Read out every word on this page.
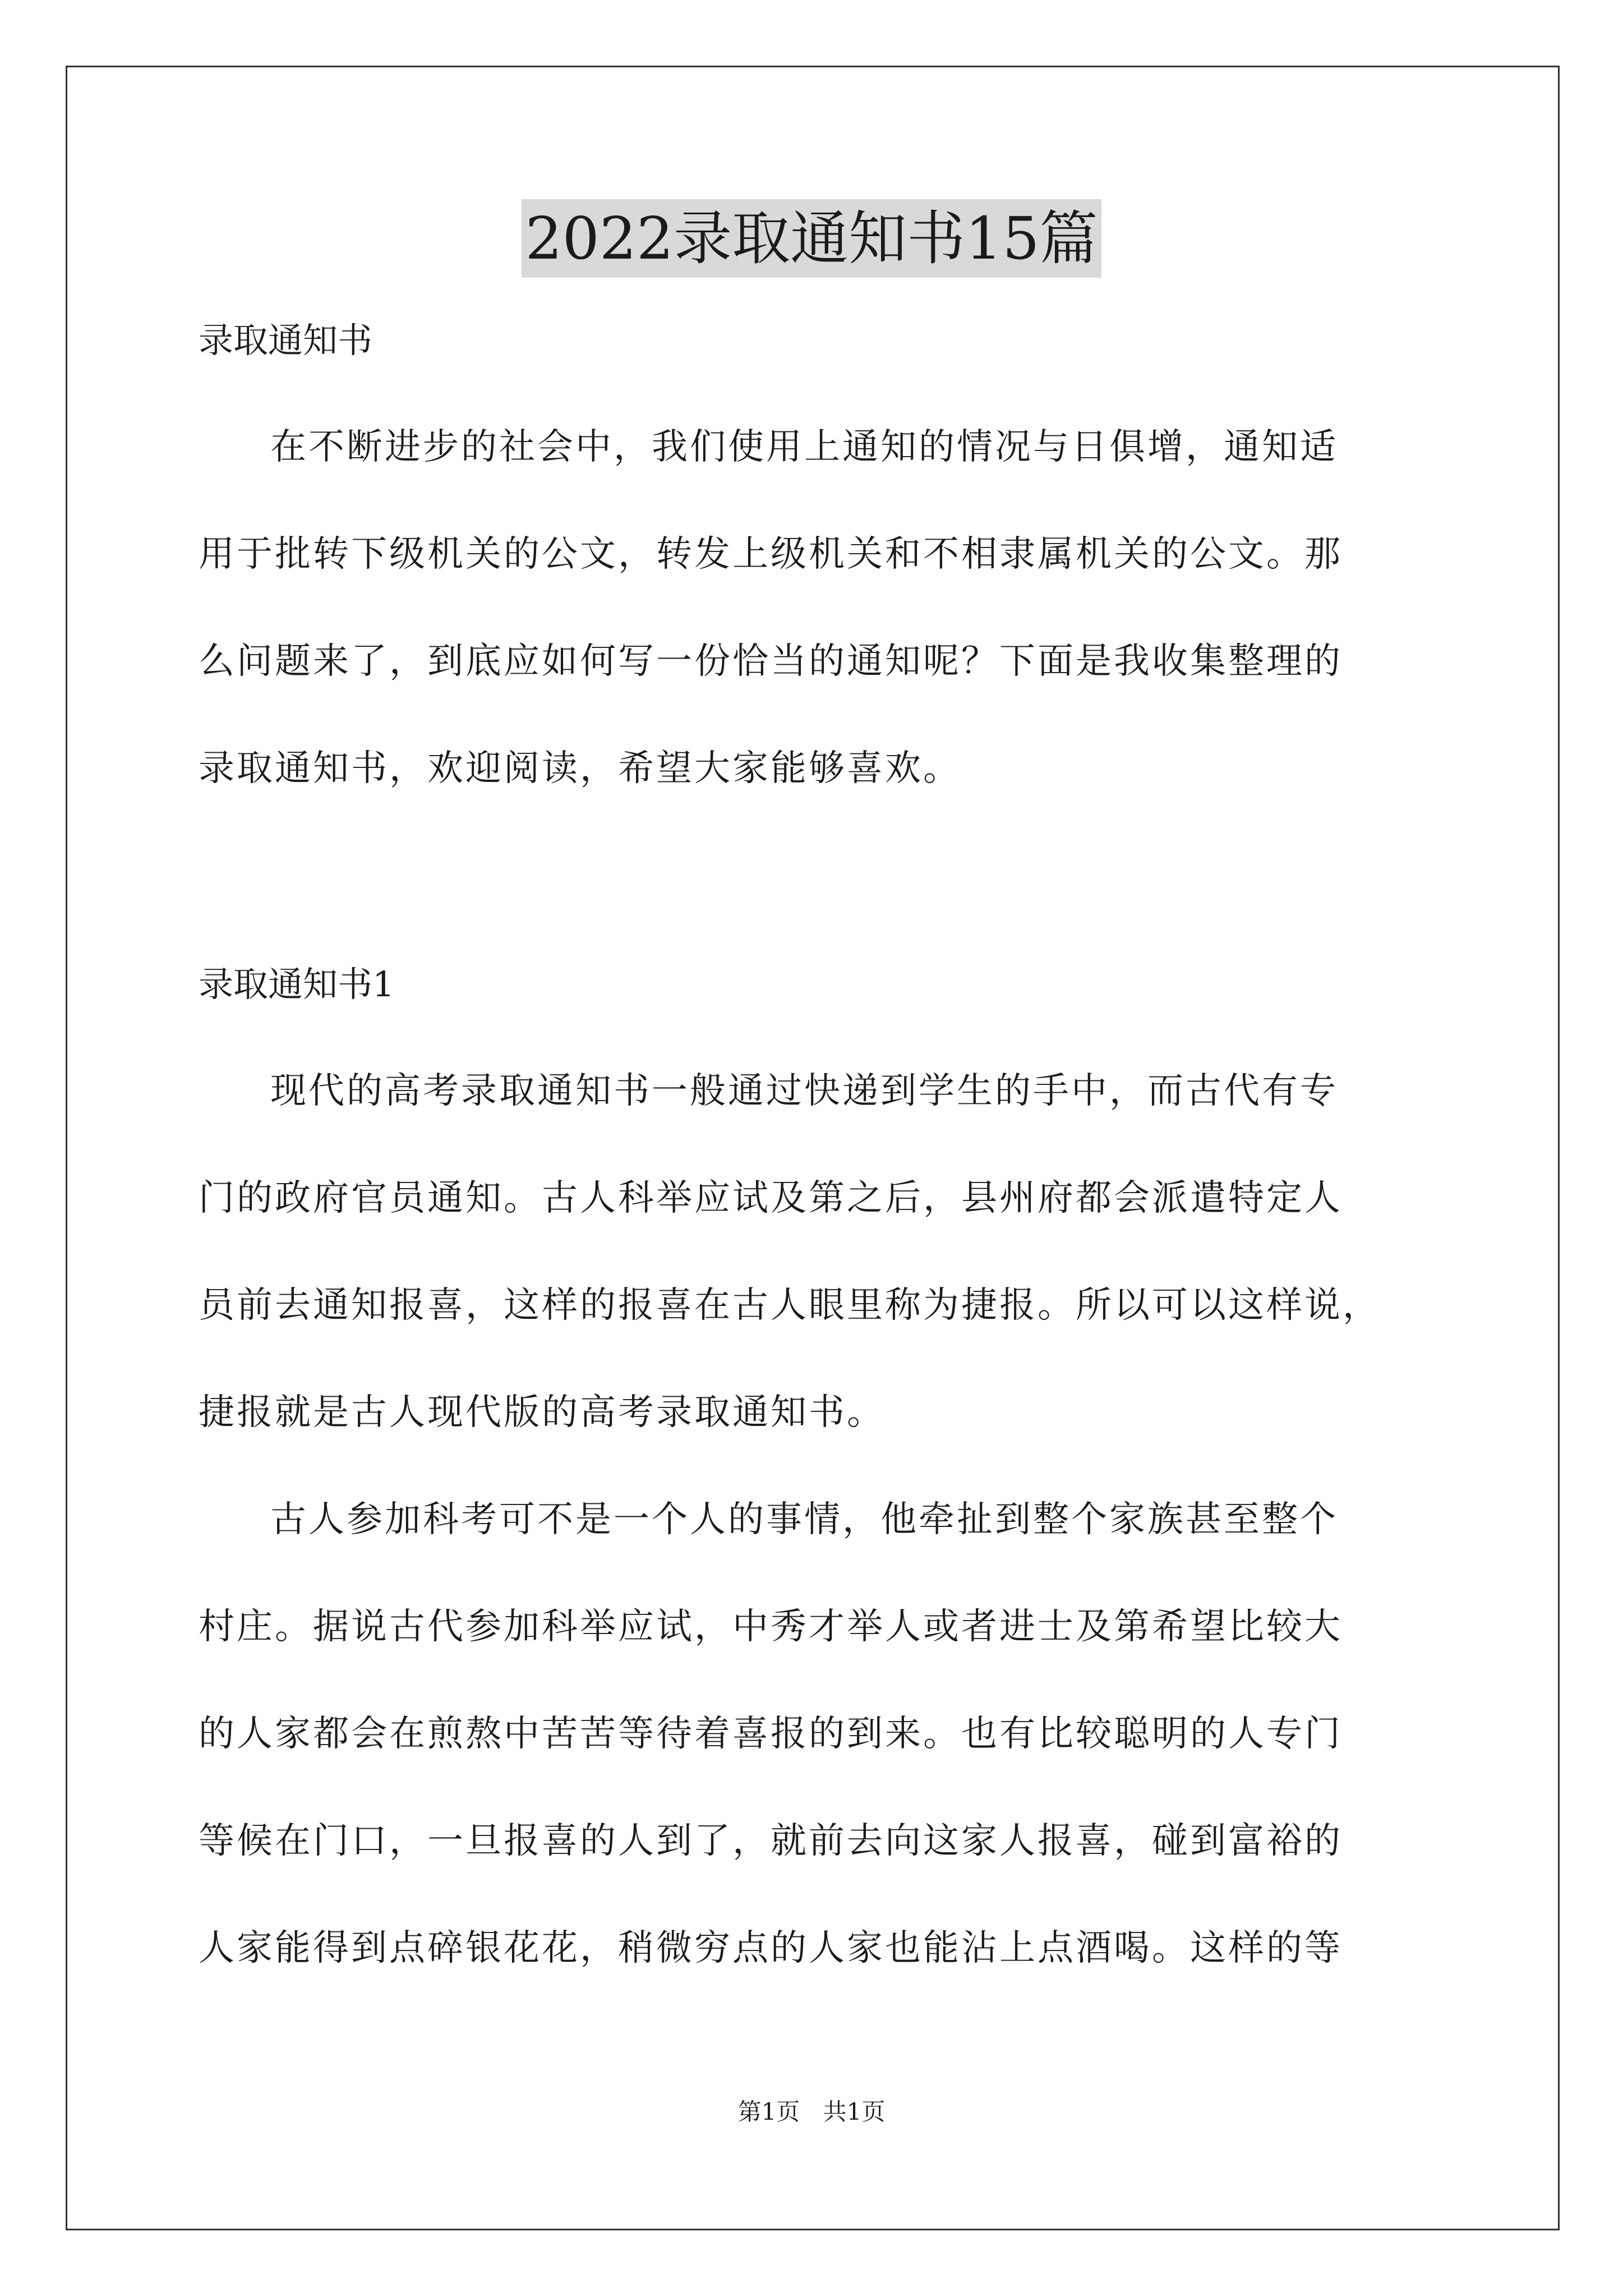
2022录取通知书15篇
录取通知书
在不断进步的社会中，我们使用上通知的情况与日俱增，通知适
用于批转下级机关的公文，转发上级机关和不相隶属机关的公文。那
么问题来了，到底应如何写一份恰当的通知呢？下面是我收集整理的
录取通知书，欢迎阅读，希望大家能够喜欢。
录取通知书1
现代的高考录取通知书一般通过快递到学生的手中，而古代有专
门的政府官员通知。古人科举应试及第之后，县州府都会派遣特定人
员前去通知报喜，这样的报喜在古人眼里称为捷报。所以可以这样说，
捷报就是古人现代版的高考录取通知书。
古人参加科考可不是一个人的事情，他牵扯到整个家族甚至整个
村庄。据说古代参加科举应试，中秀才举人或者进士及第希望比较大
的人家都会在煎熬中苦苦等待着喜报的到来。也有比较聪明的人专门
等候在门口，一旦报喜的人到了，就前去向这家人报喜，碰到富裕的
人家能得到点碎银花花，稍微穷点的人家也能沾上点酒喝。这样的等
第1页 共1页
